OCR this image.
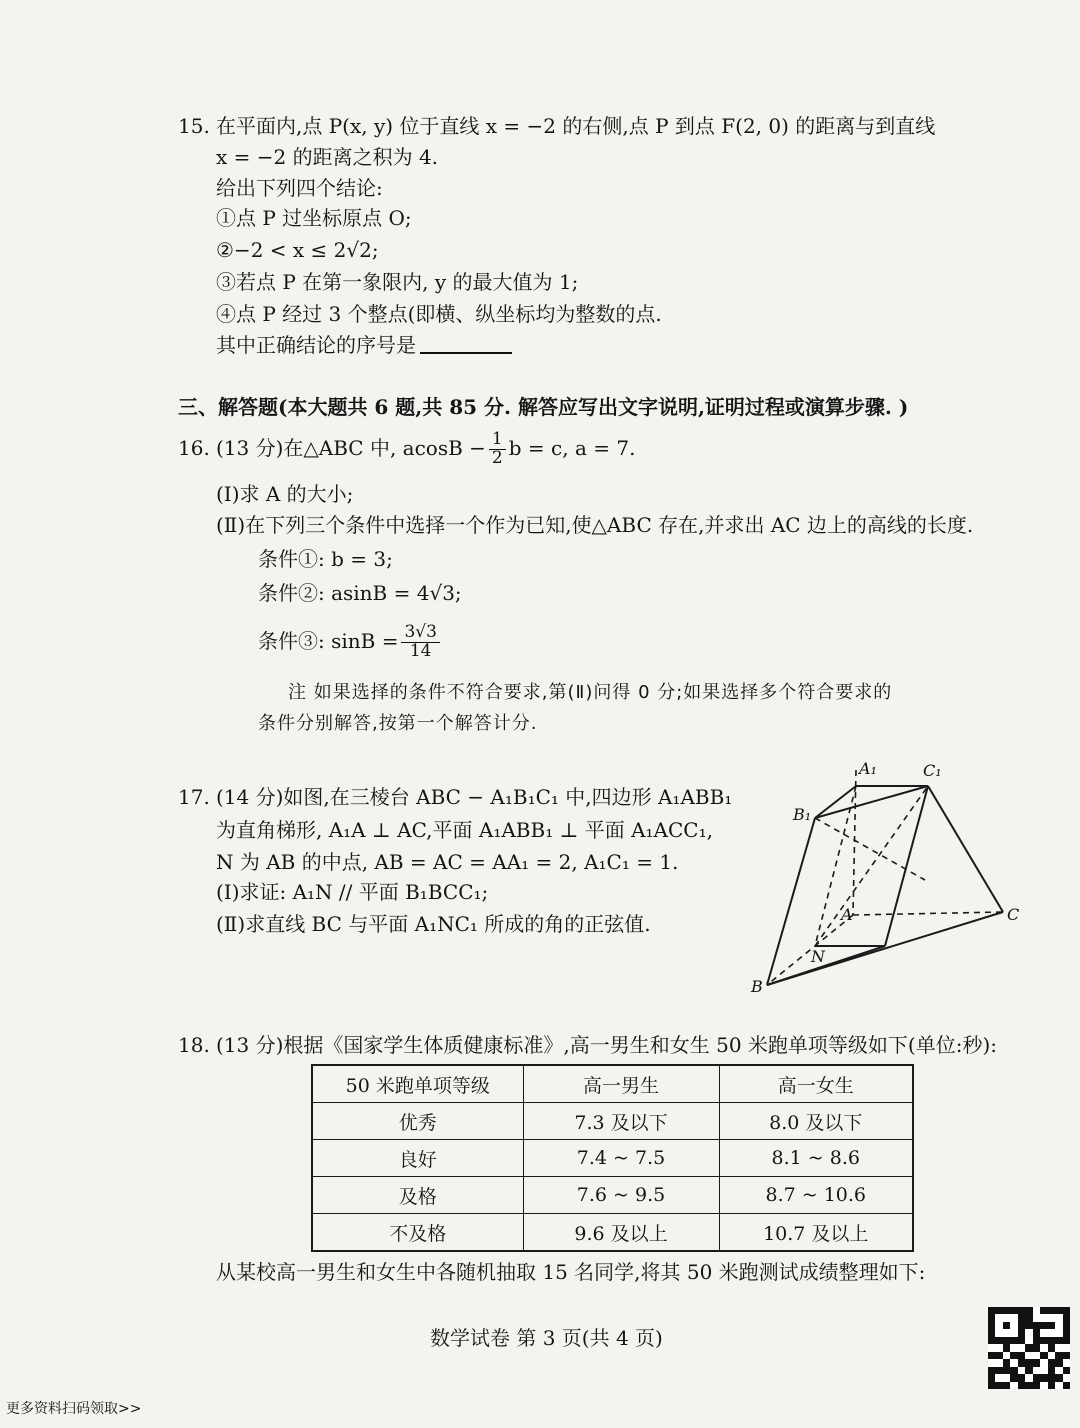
15. 在平面内,点 P(x, y) 位于直线 x = −2 的右侧,点 P 到点 F(2, 0) 的距离与到直线
x = −2 的距离之积为 4.
给出下列四个结论:
①点 P 过坐标原点 O;
②−2 < x ≤ 2√2;
③若点 P 在第一象限内, y 的最大值为 1;
④点 P 经过 3 个整点(即横、纵坐标均为整数的点.
其中正确结论的序号是
三、解答题(本大题共 6 题,共 85 分. 解答应写出文字说明,证明过程或演算步骤. )
16. (13 分)在△ABC 中, $acosB - \frac{1}{2}$ b = c, a = 7.
(Ⅰ)求 A 的大小;
(Ⅱ)在下列三个条件中选择一个作为已知,使△ABC 存在,并求出 AC 边上的高线的长度.
条件①: b = 3;
条件②: asinB = 4√3;
条件③: $\sin B = \frac{3√3}{14}$
注 如果选择的条件不符合要求,第(Ⅱ)问得 0 分;如果选择多个符合要求的
条件分别解答,按第一个解答计分.
17. (14 分)如图,在三棱台 ABC − A₁B₁C₁ 中,四边形 A₁ABB₁
为直角梯形, A₁A ⊥ AC,平面 A₁ABB₁ ⊥ 平面 A₁ACC₁,
N 为 AB 的中点, AB = AC = AA₁ = 2, A₁C₁ = 1.
(Ⅰ)求证: A₁N // 平面 B₁BCC₁;
(Ⅱ)求直线 BC 与平面 A₁NC₁ 所成的角的正弦值.
A₁	C₁
B₁
A	C
N
B
18. (13 分)根据《国家学生体质健康标准》,高一男生和女生 50 米跑单项等级如下(单位:秒):
50 米跑单项等级	高一男生	高一女生
优秀	7.3 及以下	8.0 及以下
良好	7.4 ~ 7.5	8.1 ~ 8.6
及格	7.6 ~ 9.5	8.7 ~ 10.6
不及格	9.6 及以上	10.7 及以上
从某校高一男生和女生中各随机抽取 15 名同学,将其 50 米跑测试成绩整理如下:
数学试卷 第 3 页(共 4 页)
更多资料扫码领取>>
